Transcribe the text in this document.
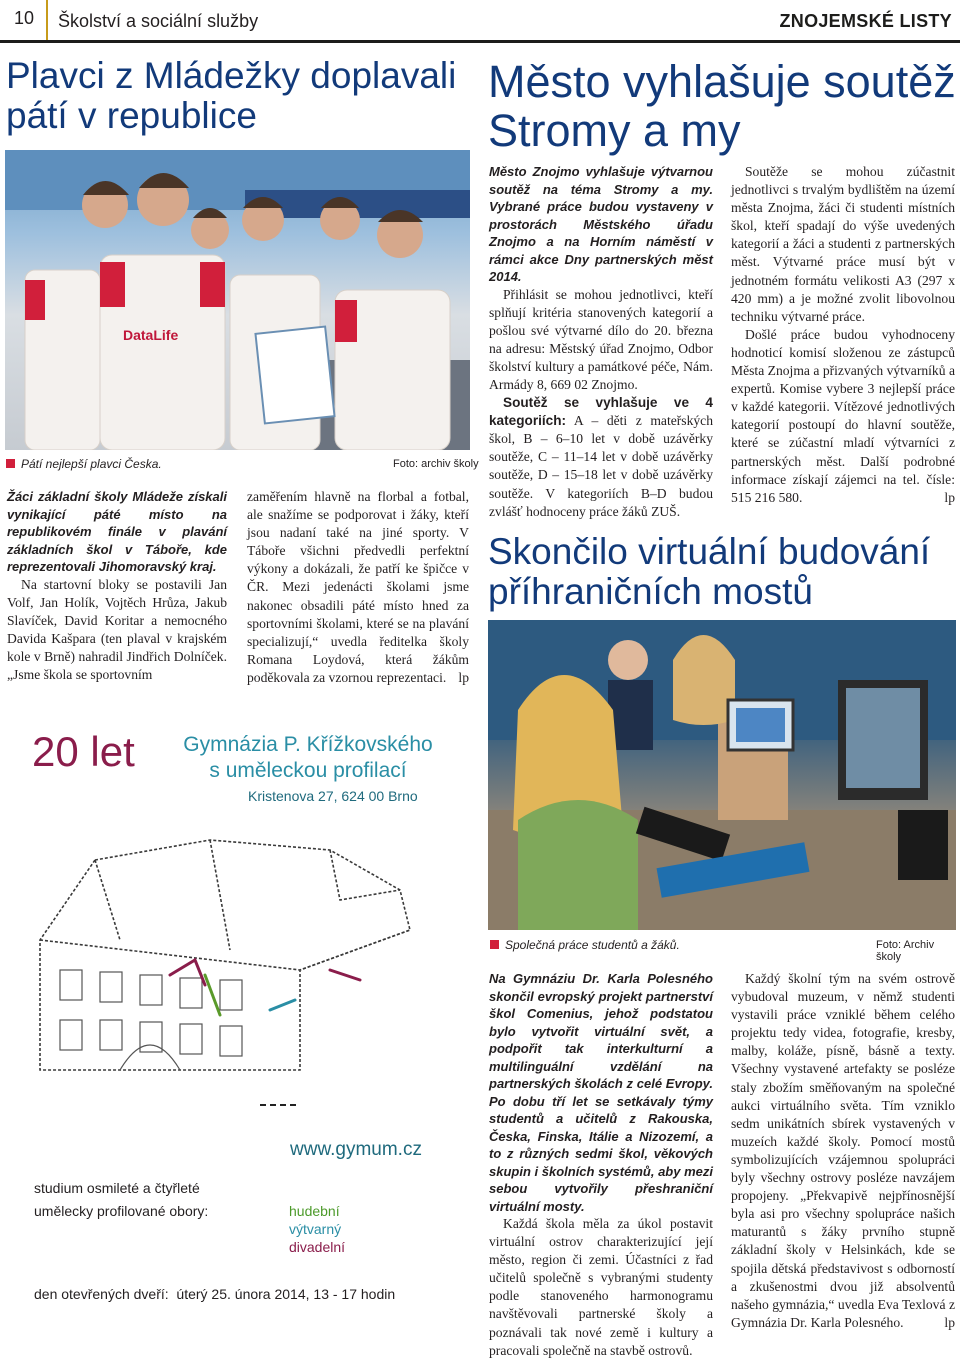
10 Školství a sociální služby	ZNOJEMSKÉ LISTY
Plavci z Mládežky doplavali pátí v republice
DataLife
Pátí nejlepší plavci Česka.	Foto: archiv školy

Žáci základní školy Mládeže získali vynikající páté místo na republikovém finále v plavání základních škol v Táboře, kde reprezentovali Jihomoravský kraj.

Na startovní bloky se postavili Jan Volf, Jan Holík, Vojtěch Hrůza, Jakub Slavíček, David Koritar a nemocného Davida Kašpara (ten plaval v krajském kole v Brně) nahradil Jindřich Dolníček. „Jsme škola se sportovním

zaměřením hlavně na florbal a fotbal, ale snažíme se podporovat i žáky, kteří jsou nadaní také na jiné sporty. V Táboře všichni předvedli perfektní výkony a dokázali, že patří ke špičce v ČR. Mezi jedenácti školami jsme nakonec obsadili páté místo hned za sportovními školami, které se na plavání specializují,“ uvedla ředitelka školy Romana Loydová, která žákům poděkovala za vzornou reprezentaci. lp

Město vyhlašuje soutěž Stromy a my

Město Znojmo vyhlašuje výtvarnou soutěž na téma Stromy a my. Vybrané práce budou vystaveny v prostorách Městského úřadu Znojmo a na Horním náměstí v rámci akce Dny partnerských měst 2014.

Přihlásit se mohou jednotlivci, kteří splňují kritéria stanovených kategorií a pošlou své výtvarné dílo do 20. března na adresu: Městský úřad Znojmo, Odbor školství kultury a památkové péče, Nám. Armády 8, 669 02 Znojmo.

Soutěž se vyhlašuje ve 4 kategoriích: A – děti z mateřských škol, B – 6–10 let v době uzávěrky soutěže, C – 11–14 let v době uzávěrky soutěže, D – 15–18 let v době uzávěrky soutěže. V kategoriích B–D budou zvlášť hodnoceny práce žáků ZUŠ.

Soutěže se mohou zúčastnit jednotlivci s trvalým bydlištěm na území města Znojma, žáci či studenti místních škol, kteří spadají do výše uvedených kategorií a žáci a studenti z partnerských měst. Výtvarné práce musí být v jednotném formátu velikosti A3 (297 x 420 mm) a je možné zvolit libovolnou techniku výtvarné práce.

Došlé práce budou vyhodnoceny hodnoticí komisí složenou ze zástupců Města Znojma a přizvaných výtvarníků a expertů. Komise vybere 3 nejlepší práce v každé kategorii. Vítězové jednotlivých kategorií postoupí do hlavní soutěže, které se zúčastní mladí výtvarníci z partnerských měst. Další podrobné informace získají zájemci na tel. čísle: 515 216 580.	lp

Skončilo virtuální budování příhraničních mostů
Společná práce studentů a žáků.	Foto: Archiv školy

Na Gymnáziu Dr. Karla Polesného skončil evropský projekt partnerství škol Comenius, jehož podstatou bylo vytvořit virtuální svět, a podpořit tak interkulturní a multilinguální vzdělání na partnerských školách z celé Evropy. Po dobu tří let se setkávaly týmy studentů a učitelů z Rakouska, Česka, Finska, Itálie a Nizozemí, a to z různých sedmi škol, věkových skupin i školních systémů, aby mezi sebou vytvořily přeshraniční virtuální mosty.

Každá škola měla za úkol postavit virtuální ostrov charakterizující její město, region či zemi. Účastníci z řad učitelů společně s vybranými studenty podle stanoveného harmonogramu navštěvovali partnerské školy a poznávali tak nové země i kultury a pracovali společně na stavbě ostrovů.

Každý školní tým na svém ostrově vybudoval muzeum, v němž studenti vystavili práce vzniklé během celého projektu tedy videa, fotografie, kresby, malby, koláže, písně, básně a texty. Všechny vystavené artefakty se posléze staly zbožím směňovaným na společné aukci virtuálního světa. Tím vzniklo sedm unikátních sbírek vystavených v muzeích každé školy. Pomocí mostů symbolizujících vzájemnou spolupráci byly všechny ostrovy posléze navzájem propojeny. „Překvapivě nejpřínosnější byla asi pro všechny spolupráce našich maturantů s žáky prvního stupně základní školy v Helsinkách, kde se spojila dětská představivost s odborností a zkušenostmi dvou již absolventů našeho gymnázia,“ uvedla Eva Texlová z Gymnázia Dr. Karla Polesného.	lp

20 let	Gymnázia P. Křížkovského
s uměleckou profilací
Kristenova 27, 624 00 Brno
www.gymum.cz
studium osmileté a čtyřleté
umělecky profilované obory:	hudební
výtvarný
divadelní
den otevřených dveří: úterý 25. února 2014, 13 - 17 hodin
